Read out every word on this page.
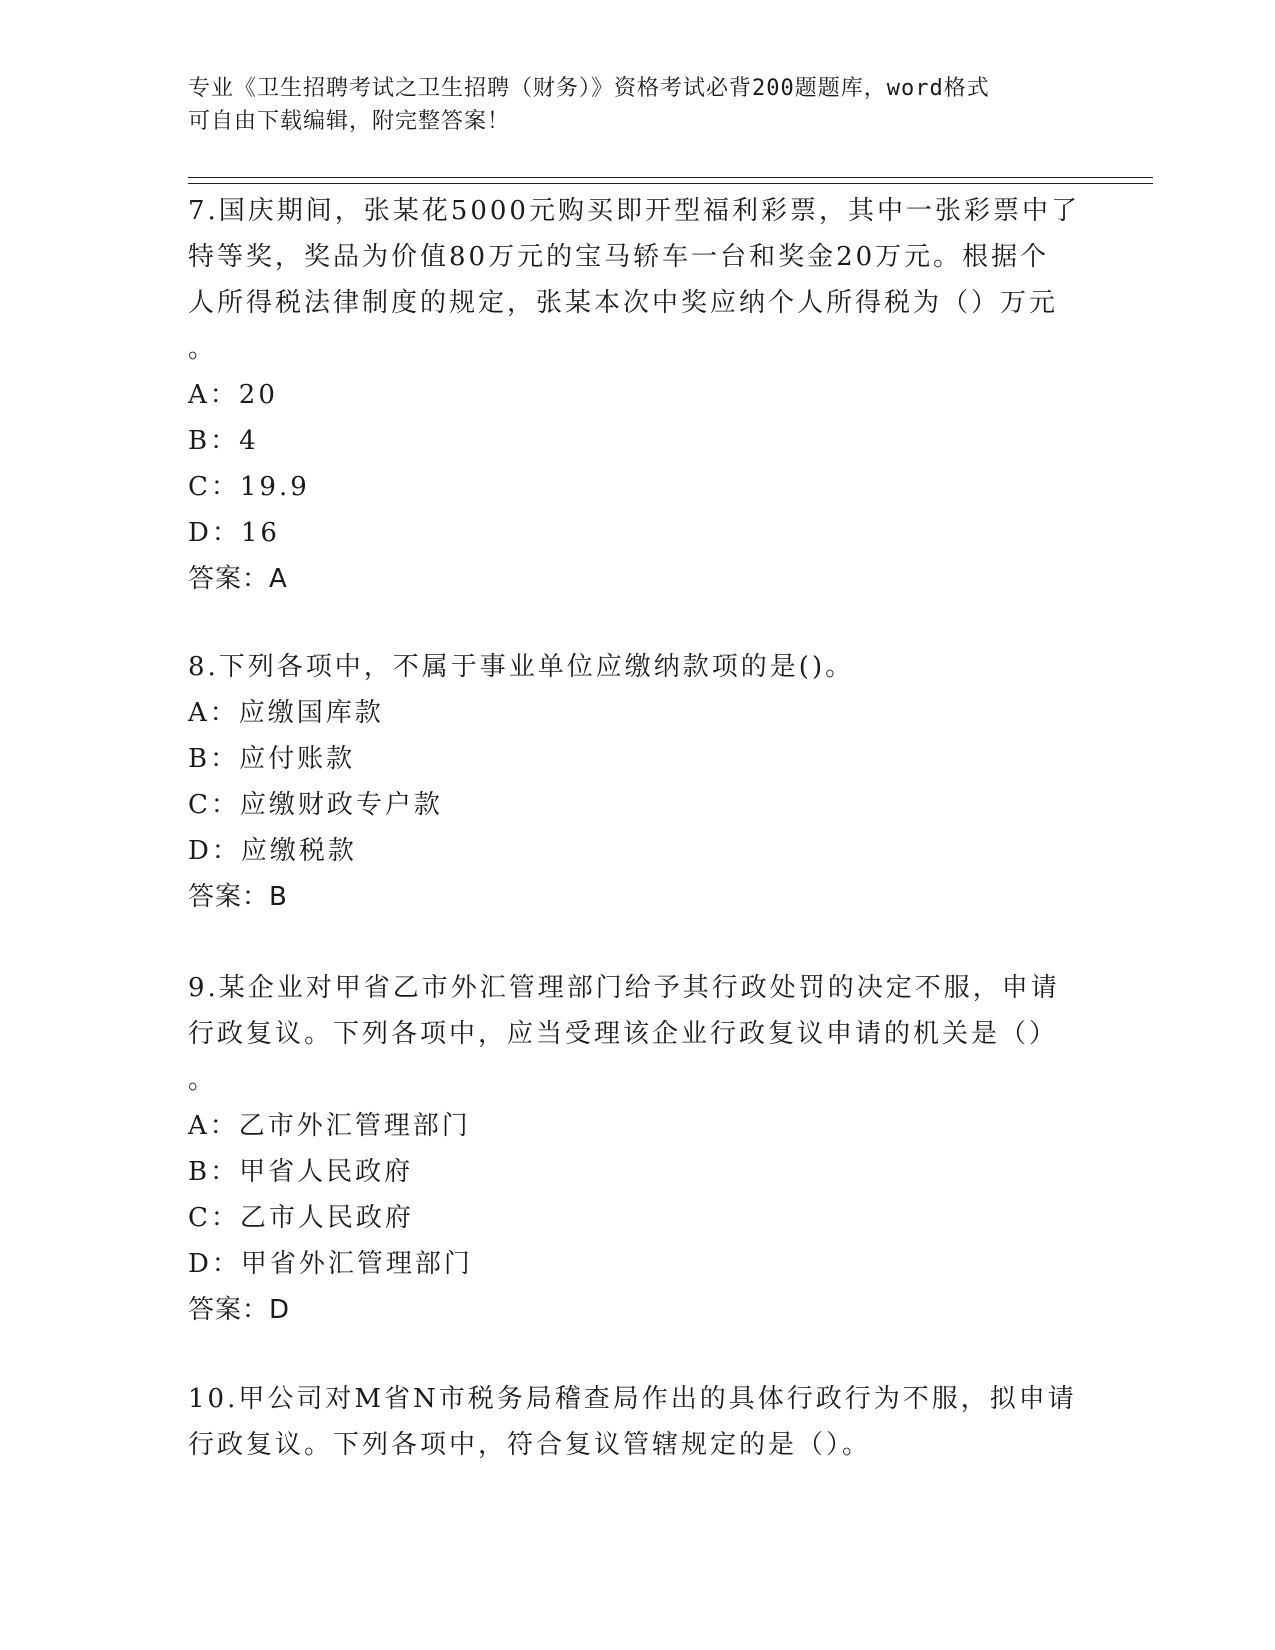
专业《卫生招聘考试之卫生招聘（财务）》资格考试必背200题题库，word格式
可自由下载编辑，附完整答案！
7.国庆期间，张某花5000元购买即开型福利彩票，其中一张彩票中了
特等奖，奖品为价值80万元的宝马轿车一台和奖金20万元。根据个
人所得税法律制度的规定，张某本次中奖应纳个人所得税为（）万元
。
A：20
B：4
C：19.9
D：16
答案：A
8.下列各项中，不属于事业单位应缴纳款项的是()。
A：应缴国库款
B：应付账款
C：应缴财政专户款
D：应缴税款
答案：B
9.某企业对甲省乙市外汇管理部门给予其行政处罚的决定不服，申请
行政复议。下列各项中，应当受理该企业行政复议申请的机关是（）
。
A：乙市外汇管理部门
B：甲省人民政府
C：乙市人民政府
D：甲省外汇管理部门
答案：D
10.甲公司对M省N市税务局稽查局作出的具体行政行为不服，拟申请
行政复议。下列各项中，符合复议管辖规定的是（）。
